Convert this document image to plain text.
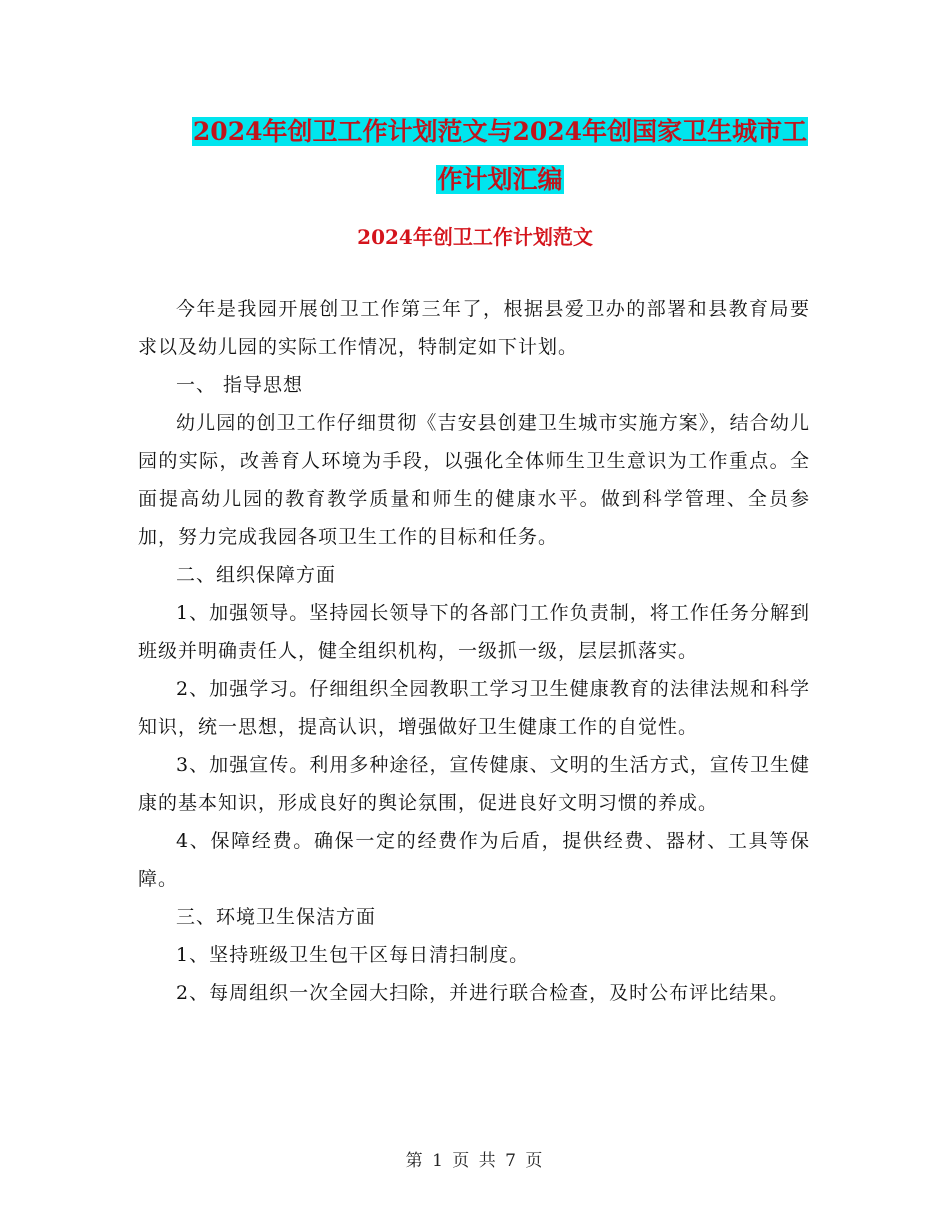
2024年创卫工作计划范文与2024年创国家卫生城市工
作计划汇编
2024年创卫工作计划范文

今年是我园开展创卫工作第三年了，根据县爱卫办的部署和县教育局要求以及幼儿园的实际工作情况，特制定如下计划。

一、 指导思想

幼儿园的创卫工作仔细贯彻《吉安县创建卫生城市实施方案》，结合幼儿园的实际，改善育人环境为手段，以强化全体师生卫生意识为工作重点。全面提高幼儿园的教育教学质量和师生的健康水平。做到科学管理、全员参加，努力完成我园各项卫生工作的目标和任务。

二、组织保障方面

1、加强领导。坚持园长领导下的各部门工作负责制，将工作任务分解到班级并明确责任人，健全组织机构，一级抓一级，层层抓落实。

2、加强学习。仔细组织全园教职工学习卫生健康教育的法律法规和科学知识，统一思想，提高认识，增强做好卫生健康工作的自觉性。

3、加强宣传。利用多种途径，宣传健康、文明的生活方式，宣传卫生健康的基本知识，形成良好的舆论氛围，促进良好文明习惯的养成。

4、保障经费。确保一定的经费作为后盾，提供经费、器材、工具等保障。

三、环境卫生保洁方面

1、坚持班级卫生包干区每日清扫制度。

2、每周组织一次全园大扫除，并进行联合检查，及时公布评比结果。

第 1 页 共 7 页
